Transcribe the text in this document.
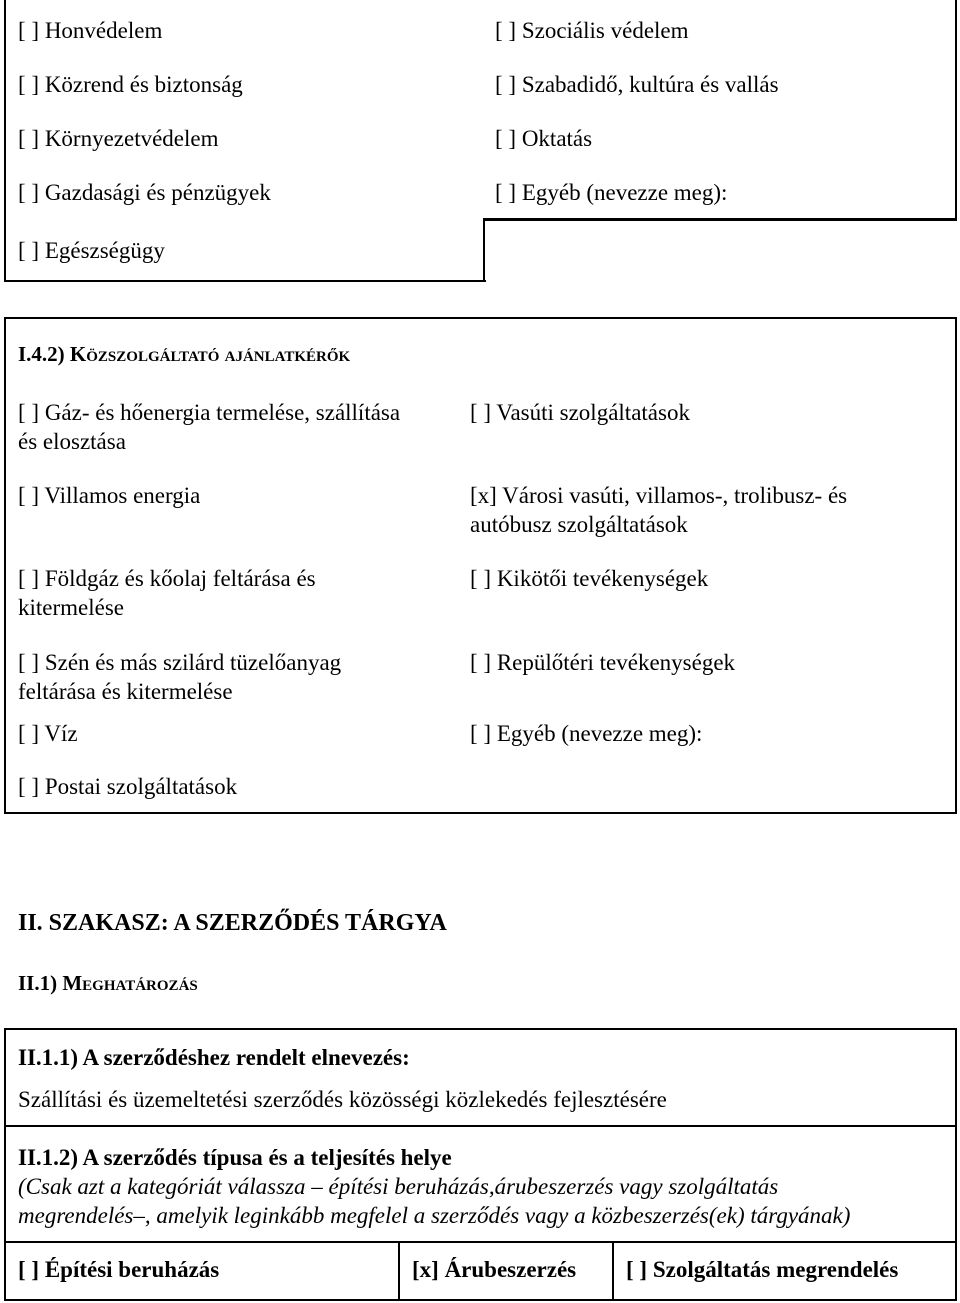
[ ] Honvédelem
[ ] Közrend és biztonság
[ ] Környezetvédelem
[ ] Gazdasági és pénzügyek
[ ] Egészségügy
[ ] Szociális védelem
[ ] Szabadidő, kultúra és vallás
[ ] Oktatás
[ ] Egyéb (nevezze meg):
I.4.2) Közszolgáltató ajánlatkérők
[ ] Gáz- és hőenergia termelése, szállítása
és elosztása
[ ] Villamos energia
[ ] Földgáz és kőolaj feltárása és
kitermelése
[ ] Szén és más szilárd tüzelőanyag
feltárása és kitermelése
[ ] Víz
[ ] Postai szolgáltatások
[ ] Vasúti szolgáltatások
[x] Városi vasúti, villamos-, trolibusz- és
autóbusz szolgáltatások
[ ] Kikötői tevékenységek
[ ] Repülőtéri tevékenységek
[ ] Egyéb (nevezze meg):
II. SZAKASZ: A SZERZŐDÉS TÁRGYA
II.1) Meghatározás
II.1.1) A szerződéshez rendelt elnevezés:
Szállítási és üzemeltetési szerződés közösségi közlekedés fejlesztésére
II.1.2) A szerződés típusa és a teljesítés helye
(Csak azt a kategóriát válassza – építési beruházás,árubeszerzés vagy szolgáltatás
megrendelés–, amelyik leginkább megfelel a szerződés vagy a közbeszerzés(ek) tárgyának)
[ ] Építési beruházás	[x] Árubeszerzés	[ ] Szolgáltatás megrendelés
